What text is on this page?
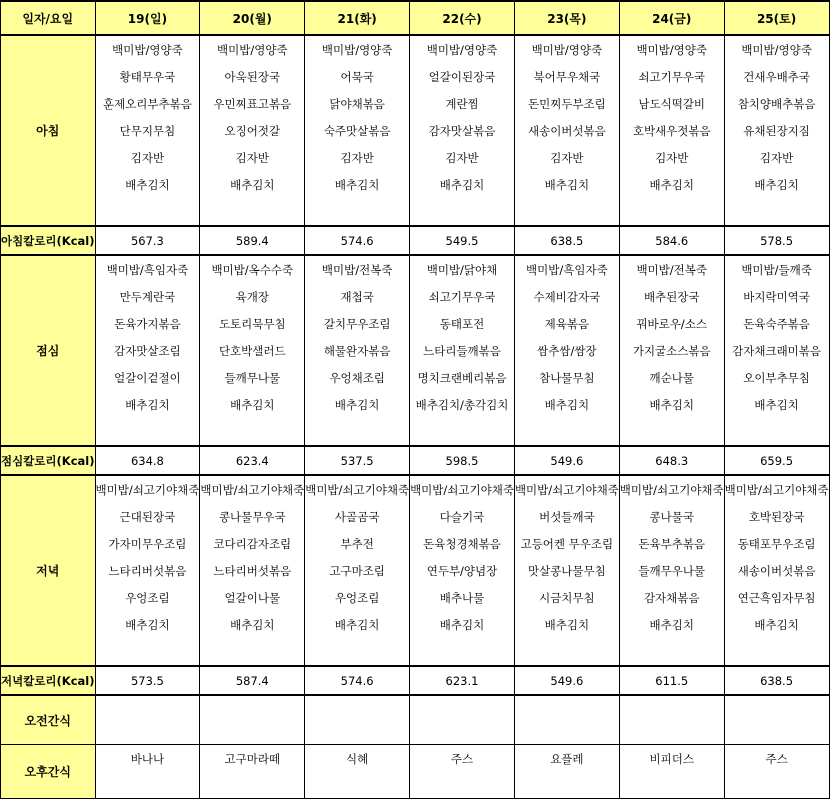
일자/요일	19(일)	20(월)	21(화)	22(수)	23(목)	24(금)	25(토)
아침	백미밥/영양죽	백미밥/영양죽	백미밥/영양죽	백미밥/영양죽	백미밥/영양죽	백미밥/영양죽	백미밥/영양죽
	황태무우국	아욱된장국	어묵국	얼갈이된장국	북어무우채국	쇠고기무우국	건새우배추국
	훈제오리부추볶음	우민찌표고볶음	닭야채볶음	계란찜	돈민찌두부조림	남도식떡갈비	참치양배추볶음
	단무지무침	오징어젓갈	숙주맛살볶음	감자맛살볶음	새송이버섯볶음	호박새우젓볶음	유채된장지짐
	김자반	김자반	김자반	김자반	김자반	김자반	김자반
	배추김치	배추김치	배추김치	배추김치	배추김치	배추김치	배추김치

아침칼로리(Kcal)	567.3	589.4	574.6	549.5	638.5	584.6	578.5
점심	백미밥/흑임자죽	백미밥/옥수수죽	백미밥/전복죽	백미밥/닭야채	백미밥/흑임자죽	백미밥/전복죽	백미밥/들깨죽
	만두계란국	육개장	재첩국	쇠고기무우국	수제비감자국	배추된장국	바지락미역국
	돈육가지볶음	도토리묵무침	갈치무우조림	동태포전	제육볶음	꿔바로우/소스	돈육숙주볶음
	감자맛살조림	단호박샐러드	해물완자볶음	느타리들깨볶음	쌈추쌈/쌈장	가지굴소스볶음	감자채크래미볶음
	얼갈이겉절이	들깨무나물	우엉채조림	명치크랜베리볶음	참나물무침	깨순나물	오이부추무침
	배추김치	배추김치	배추김치	배추김치/총각김치	배추김치	배추김치	배추김치

점심칼로리(Kcal)	634.8	623.4	537.5	598.5	549.6	648.3	659.5
저녁	백미밥/쇠고기야채죽	백미밥/쇠고기야채죽	백미밥/쇠고기야채죽	백미밥/쇠고기야채죽	백미밥/쇠고기야채죽	백미밥/쇠고기야채죽	백미밥/쇠고기야채죽
	근대된장국	콩나물무우국	사골곰국	다슬기국	버섯들깨국	콩나물국	호박된장국
	가자미무우조림	코다리감자조림	부추전	돈육청경채볶음	고등어켄 무우조림	돈육부추볶음	동태포무우조림
	느타리버섯볶음	느타리버섯볶음	고구마조림	연두부/양념장	맛살콩나물무침	들깨무우나물	새송이버섯볶음
	우엉조림	얼갈이나물	우엉조림	배추나물	시금치무침	감자채볶음	연근흑임자무침
	배추김치	배추김치	배추김치	배추김치	배추김치	배추김치	배추김치

저녁칼로리(Kcal)	573.5	587.4	574.6	623.1	549.6	611.5	638.5
오전간식							
오후간식	바나나	고구마라떼	식혜	주스	요플레	비피더스	주스
